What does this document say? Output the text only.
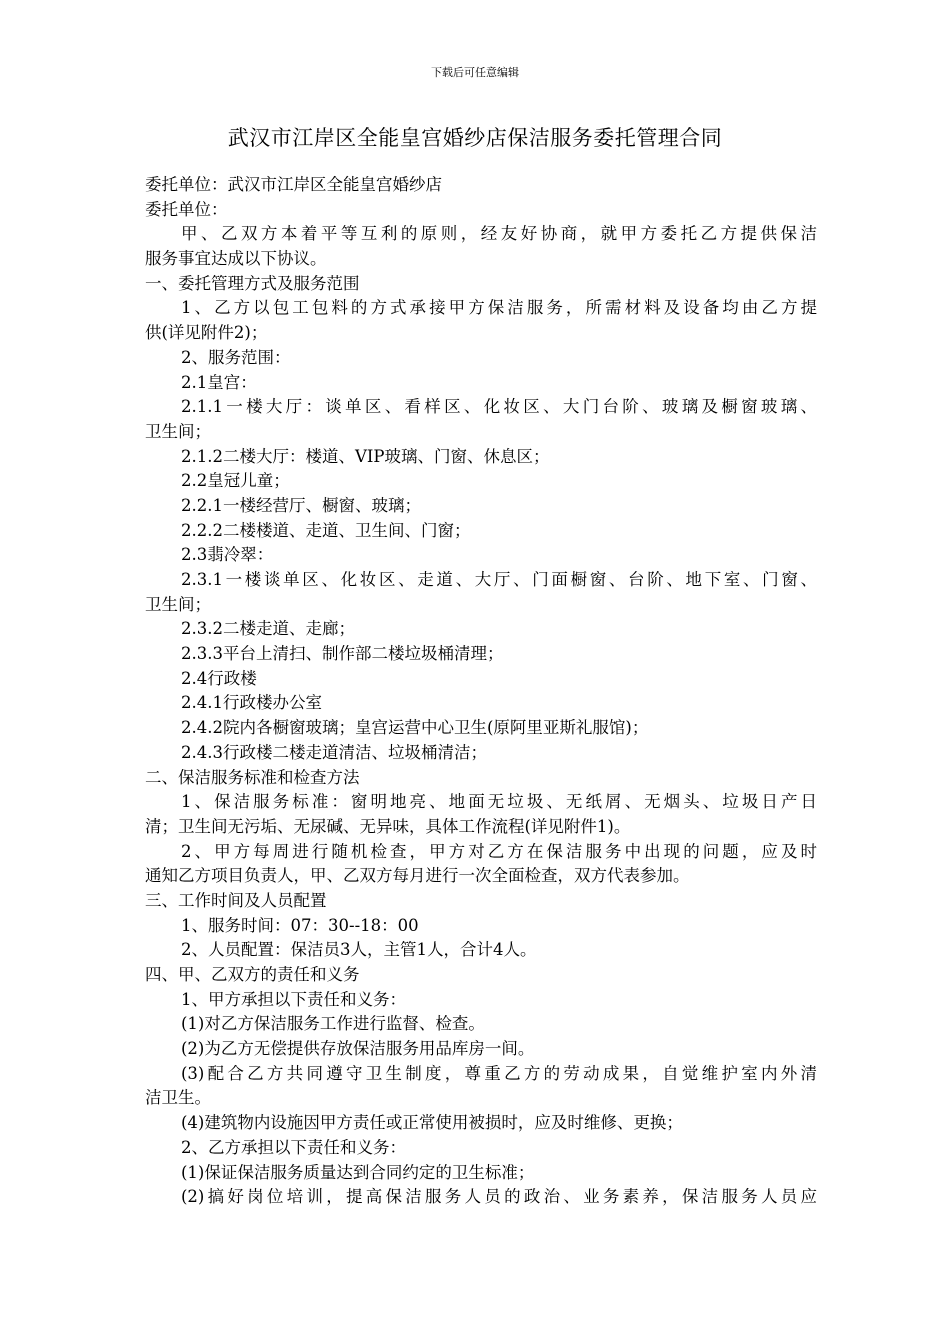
下载后可任意编辑
武汉市江岸区全能皇宫婚纱店保洁服务委托管理合同
委托单位：武汉市江岸区全能皇宫婚纱店
委托单位：
甲、乙双方本着平等互利的原则，经友好协商，就甲方委托乙方提供保洁
服务事宜达成以下协议。
一、委托管理方式及服务范围
1、乙方以包工包料的方式承接甲方保洁服务，所需材料及设备均由乙方提
供(详见附件2)；
2、服务范围：
2.1皇宫：
2.1.1一楼大厅：谈单区、看样区、化妆区、大门台阶、玻璃及橱窗玻璃、
卫生间；
2.1.2二楼大厅：楼道、VIP玻璃、门窗、休息区；
2.2皇冠儿童；
2.2.1一楼经营厅、橱窗、玻璃；
2.2.2二楼楼道、走道、卫生间、门窗；
2.3翡冷翠：
2.3.1一楼谈单区、化妆区、走道、大厅、门面橱窗、台阶、地下室、门窗、
卫生间；
2.3.2二楼走道、走廊；
2.3.3平台上清扫、制作部二楼垃圾桶清理；
2.4行政楼
2.4.1行政楼办公室
2.4.2院内各橱窗玻璃；皇宫运营中心卫生(原阿里亚斯礼服馆)；
2.4.3行政楼二楼走道清洁、垃圾桶清洁；
二、保洁服务标准和检查方法
1、保洁服务标准：窗明地亮、地面无垃圾、无纸屑、无烟头、垃圾日产日
清；卫生间无污垢、无尿碱、无异味，具体工作流程(详见附件1)。
2、甲方每周进行随机检查，甲方对乙方在保洁服务中出现的问题，应及时
通知乙方项目负责人，甲、乙双方每月进行一次全面检查，双方代表参加。
三、工作时间及人员配置
1、服务时间：07：30--18：00
2、人员配置：保洁员3人，主管1人，合计4人。
四、甲、乙双方的责任和义务
1、甲方承担以下责任和义务：
(1)对乙方保洁服务工作进行监督、检查。
(2)为乙方无偿提供存放保洁服务用品库房一间。
(3)配合乙方共同遵守卫生制度，尊重乙方的劳动成果，自觉维护室内外清
洁卫生。
(4)建筑物内设施因甲方责任或正常使用被损时，应及时维修、更换；
2、乙方承担以下责任和义务：
(1)保证保洁服务质量达到合同约定的卫生标准；
(2)搞好岗位培训，提高保洁服务人员的政治、业务素养，保洁服务人员应
